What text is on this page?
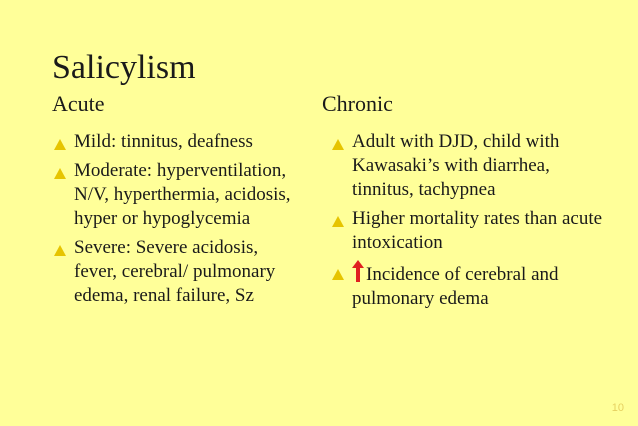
Salicylism
Acute	Chronic
Mild: tinnitus, deafness
Moderate: hyperventilation, N/V, hyperthermia, acidosis, hyper or hypoglycemia
Severe: Severe acidosis, fever, cerebral/ pulmonary edema, renal failure, Sz
Adult with DJD, child with Kawasaki’s with diarrhea, tinnitus, tachypnea
Higher mortality rates than acute intoxication
Incidence of cerebral and pulmonary edema
10
